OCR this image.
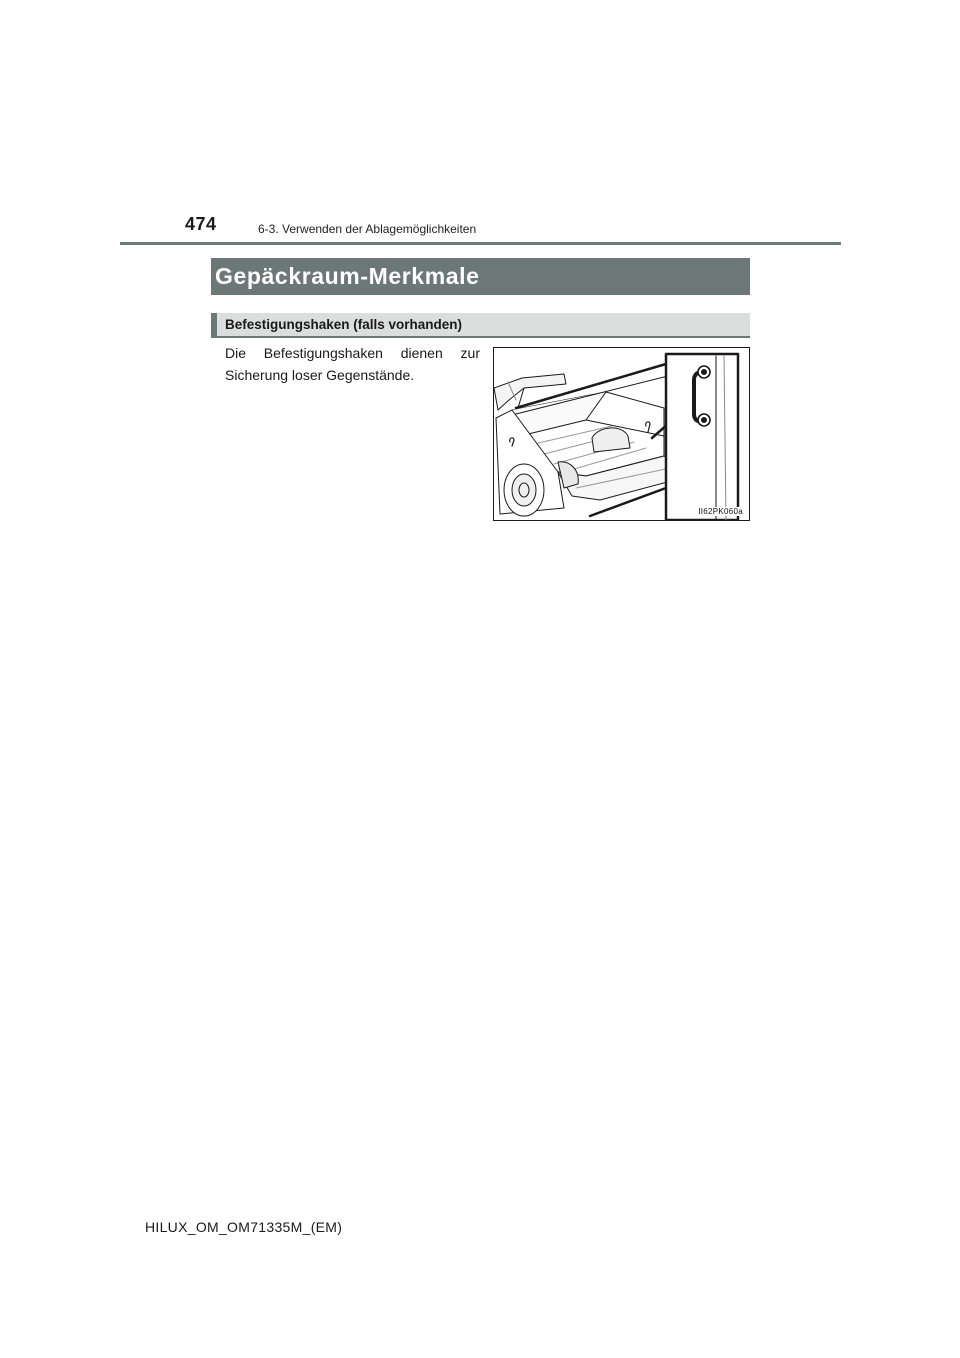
474	6-3. Verwenden der Ablagemöglichkeiten
Gepäckraum-Merkmale
Befestigungshaken (falls vorhanden)
Die Befestigungshaken dienen zur Sicherung loser Gegenstände.
II62PK060a
HILUX_OM_OM71335M_(EM)
